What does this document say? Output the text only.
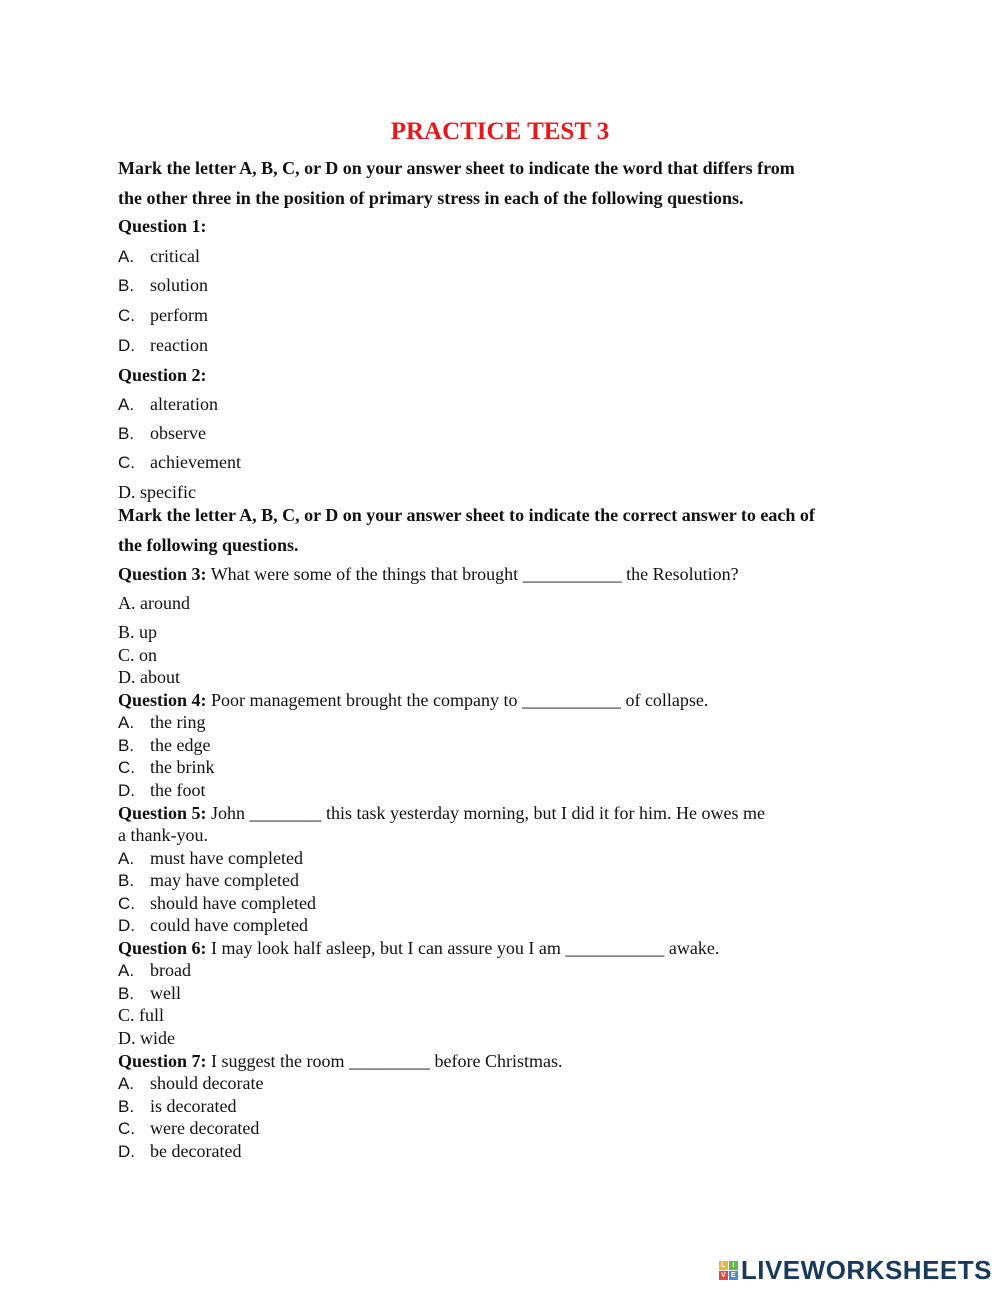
PRACTICE TEST 3
Mark the letter A, B, C, or D on your answer sheet to indicate the word that differs from
the other three in the position of primary stress in each of the following questions.
Question 1:
A. critical
B. solution
C. perform
D. reaction
Question 2:
A. alteration
B. observe
C. achievement
D. specific
Mark the letter A, B, C, or D on your answer sheet to indicate the correct answer to each of
the following questions.
Question 3: What were some of the things that brought ___________ the Resolution?
A. around
B. up
C. on
D. about
Question 4: Poor management brought the company to ___________ of collapse.
A. the ring
B. the edge
C. the brink
D. the foot
Question 5: John ________ this task yesterday morning, but I did it for him. He owes me
a thank-you.
A. must have completed
B. may have completed
C. should have completed
D. could have completed
Question 6: I may look half asleep, but I can assure you I am ___________ awake.
A. broad
B. well
C. full
D. wide
Question 7: I suggest the room _________ before Christmas.
A. should decorate
B. is decorated
C. were decorated
D. be decorated
L I
V E LIVEWORKSHEETS
